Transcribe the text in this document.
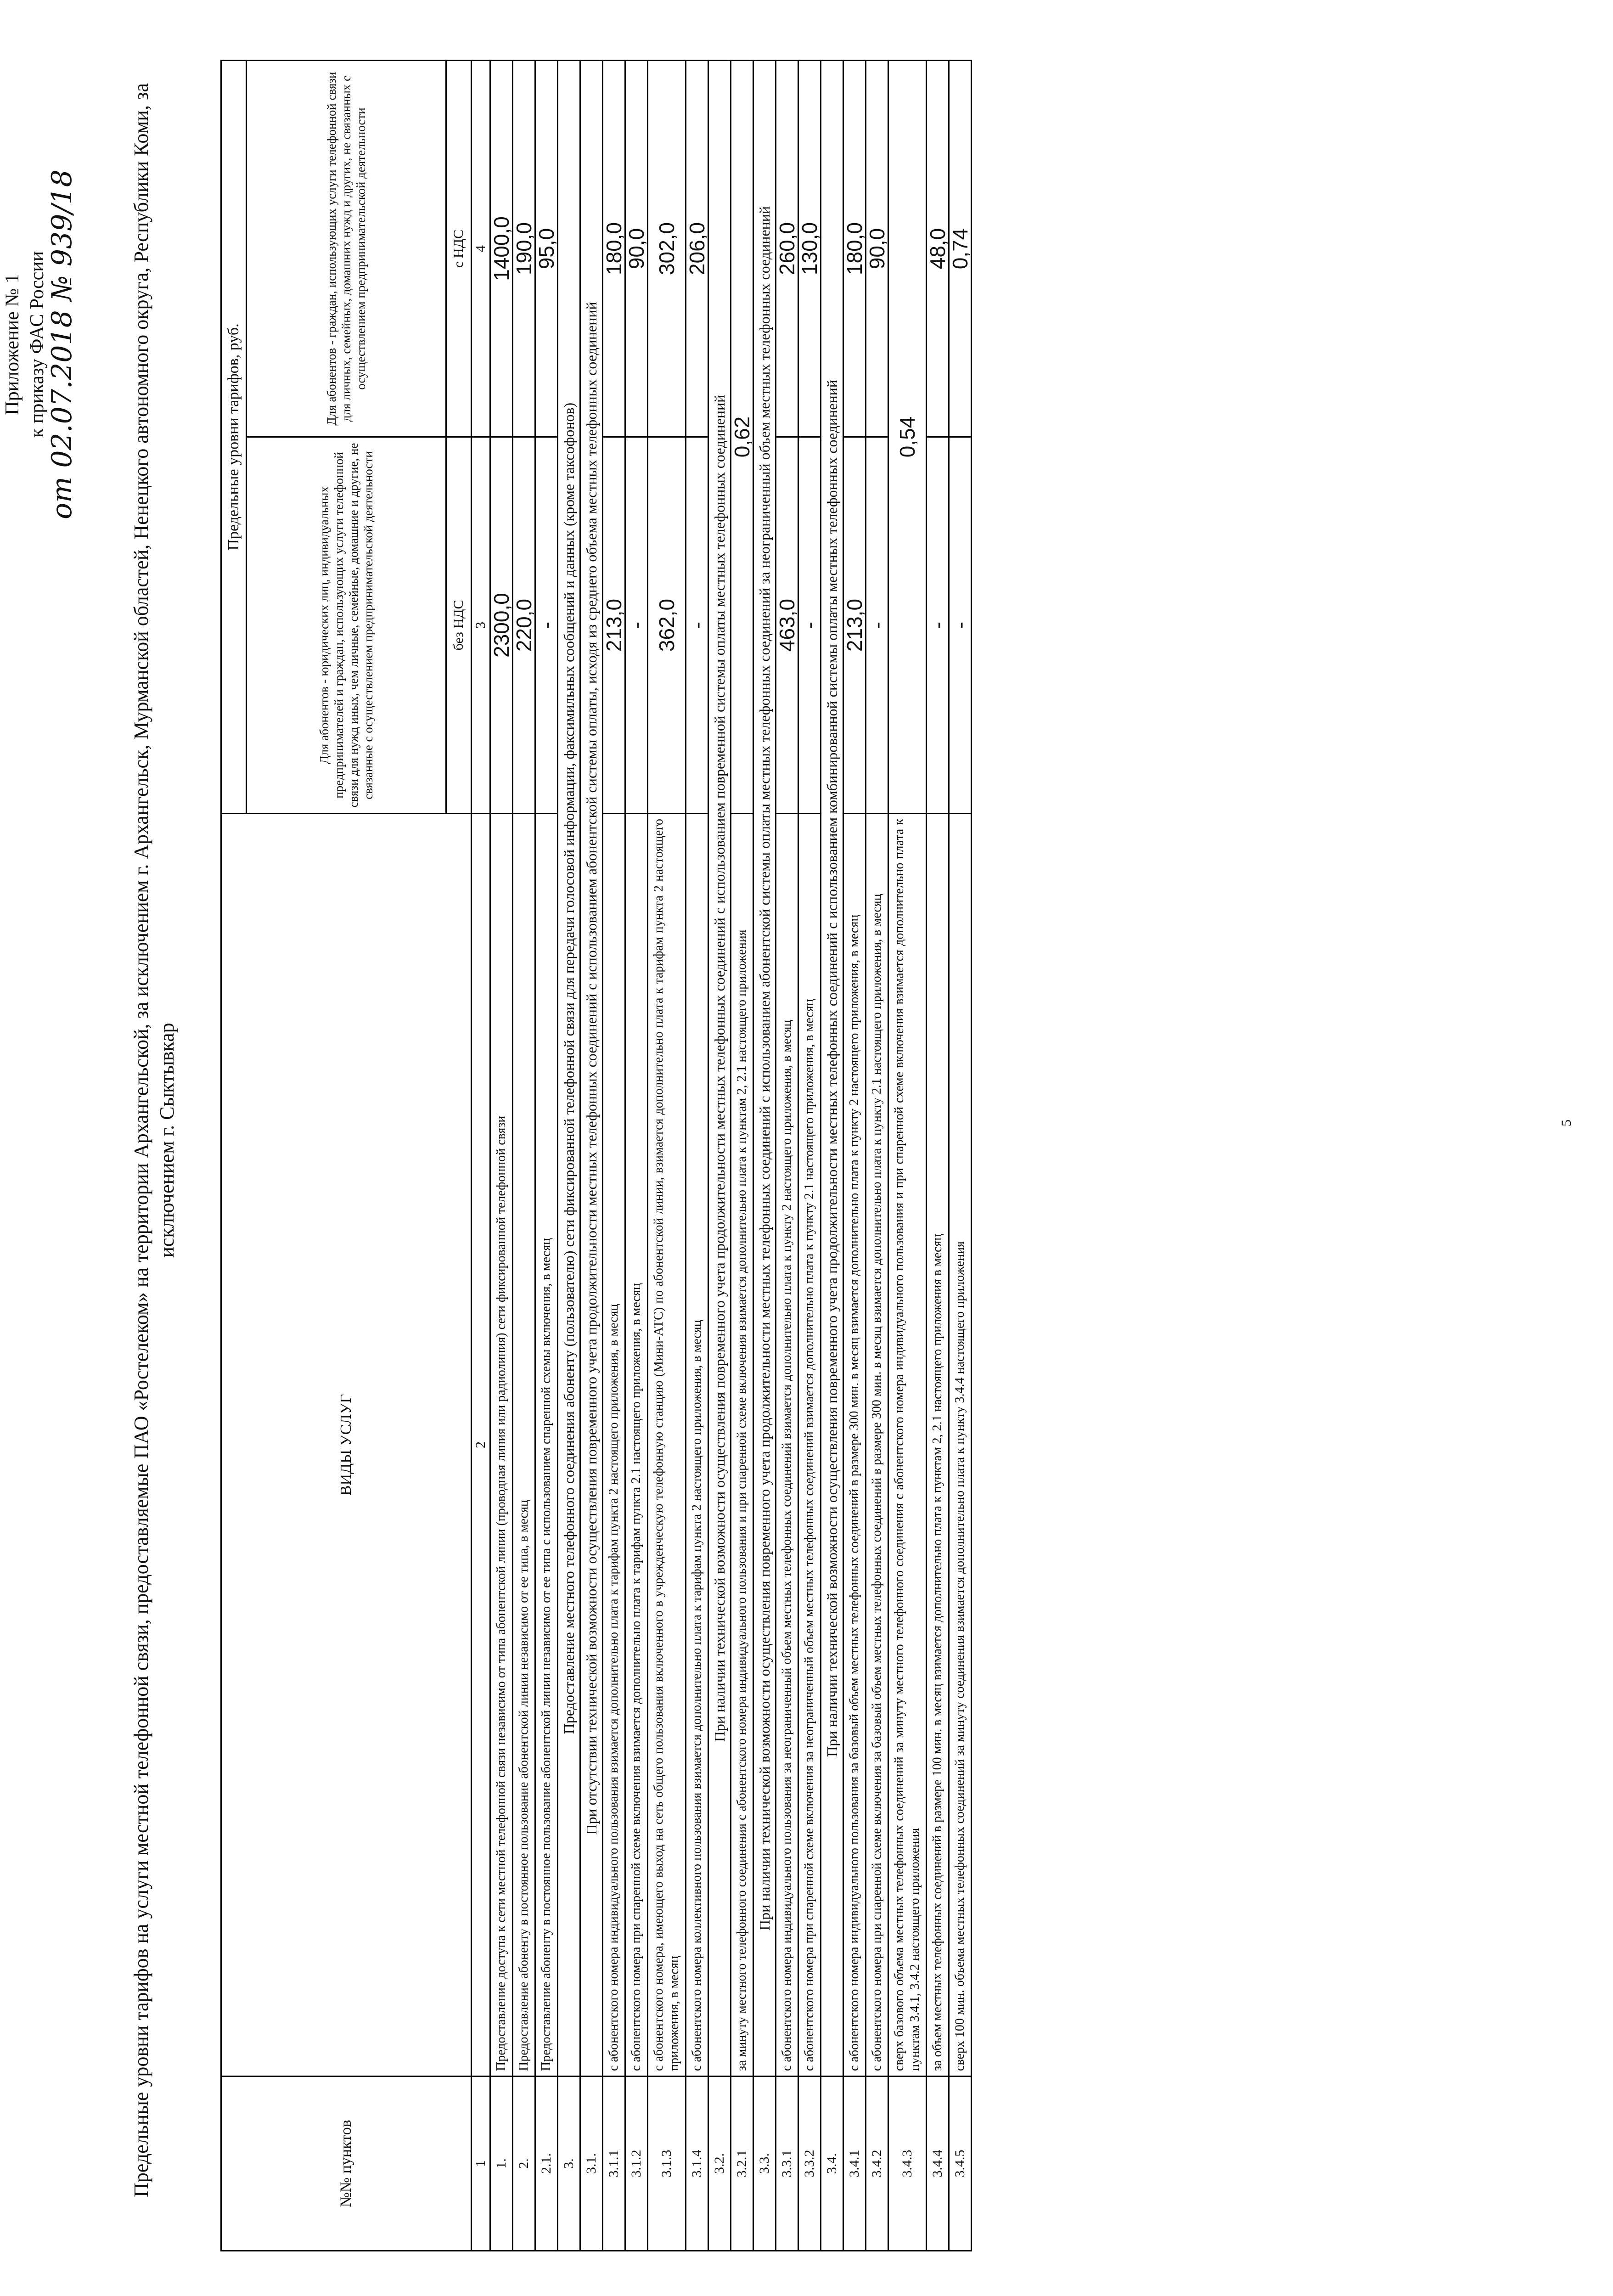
Приложение № 1 к приказу ФАС России
от 02.07.2018 № 939/18	Предельные уровни тарифов на услуги местной телефонной связи, предоставляемые ПАО «Ростелеком» на территории Архангельской, за исключением г. Архангельск, Мурманской областей, Ненецкого автономного округа, Республики Коми, за исключением г. Сыктывкар
№№ пунктов	ВИДЫ УСЛУГ	Предельные уровни тарифов, руб.	
		Для абонентов - юридических лиц, индивидуальных предпринимателей и граждан, использующих услуги телефонной связи для нужд иных, чем личные, семейные, домашние и другие, не связанные с осуществлением предпринимательской деятельности	Для абонентов - граждан, использующих услуги телефонной связи для личных, семейных, домашних нужд и других, не связанных с осуществлением предпринимательской деятельности
		без НДС	с НДС
1	2	3	4
1.	Предоставление доступа к сети местной телефонной связи независимо от типа абонентской линии (проводная линия или радиолиния) сети фиксированной телефонной связи	2300,0	1400,0
2.	Предоставление абоненту в постоянное пользование абонентской линии независимо от ее типа, в месяц	220,0	190,0
2.1.	Предоставление абоненту в постоянное пользование абонентской линии независимо от ее типа с использованием спаренной схемы включения, в месяц	-	95,0
3.	Предоставление местного телефонного соединения абоненту (пользователю) сети фиксированной телефонной связи для передачи голосовой информации, факсимильных сообщений и данных (кроме таксофонов)		
3.1.	При отсутствии технической возможности осуществления повременного учета продолжительности местных телефонных соединений с использованием абонентской системы оплаты, исходя из среднего объема местных телефонных соединений		
3.1.1	с абонентского номера индивидуального пользования взимается дополнительно плата к тарифам пункта 2 настоящего приложения, в месяц	213,0	180,0
3.1.2	с абонентского номера при спаренной схеме включения взимается дополнительно плата к тарифам пункта 2.1 настоящего приложения, в месяц	-	90,0
3.1.3	с абонентского номера, имеющего выход на сеть общего пользования включенного в учрежденческую телефонную станцию (Мини-АТС) по абонентской линии, взимается дополнительно плата к тарифам пункта 2 настоящего приложения, в месяц	362,0	302,0
3.1.4	с абонентского номера коллективного пользования взимается дополнительно плата к тарифам пункта 2 настоящего приложения, в месяц	-	206,0
3.2.	При наличии технической возможности осуществления повременного учета продолжительности местных телефонных соединений с использованием повременной системы оплаты местных телефонных соединений		
3.2.1	за минуту местного телефонного соединения с абонентского номера индивидуального пользования и при спаренной схеме включения взимается дополнительно плата к пунктам 2, 2.1 настоящего приложения	0,62	
3.3.	При наличии технической возможности осуществления повременного учета продолжительности местных телефонных соединений с использованием абонентской системы оплаты местных телефонных соединений за неограниченный объем местных телефонных соединений		
3.3.1	с абонентского номера индивидуального пользования за неограниченный объем местных телефонных соединений взимается дополнительно плата к пункту 2 настоящего приложения, в месяц	463,0	260,0
3.3.2	с абонентского номера при спаренной схеме включения за неограниченный объем местных телефонных соединений взимается дополнительно плата к пункту 2.1 настоящего приложения, в месяц	-	130,0
3.4.	При наличии технической возможности осуществления повременного учета продолжительности местных телефонных соединений с использованием комбинированной системы оплаты местных телефонных соединений		
3.4.1	с абонентского номера индивидуального пользования за базовый объем местных телефонных соединений в размере 300 мин. в месяц взимается дополнительно плата к пункту 2 настоящего приложения, в месяц	213,0	180,0
3.4.2	с абонентского номера при спаренной схеме включения за базовый объем местных телефонных соединений в размере 300 мин. в месяц взимается дополнительно плата к пункту 2.1 настоящего приложения, в месяц	-	90,0
3.4.3	сверх базового объема местных телефонных соединений за минуту местного телефонного соединения с абонентского номера индивидуального пользования и при спаренной схеме включения взимается дополнительно плата к пунктам 3.4.1, 3.4.2 настоящего приложения	0,54	
3.4.4	за объем местных телефонных соединений в размере 100 мин. в месяц взимается дополнительно плата к пунктам 2, 2.1 настоящего приложения в месяц	-	48,0
3.4.5	сверх 100 мин. объема местных телефонных соединений за минуту соединения взимается дополнительно плата к пункту 3.4.4 настоящего приложения	-	0,74
5
